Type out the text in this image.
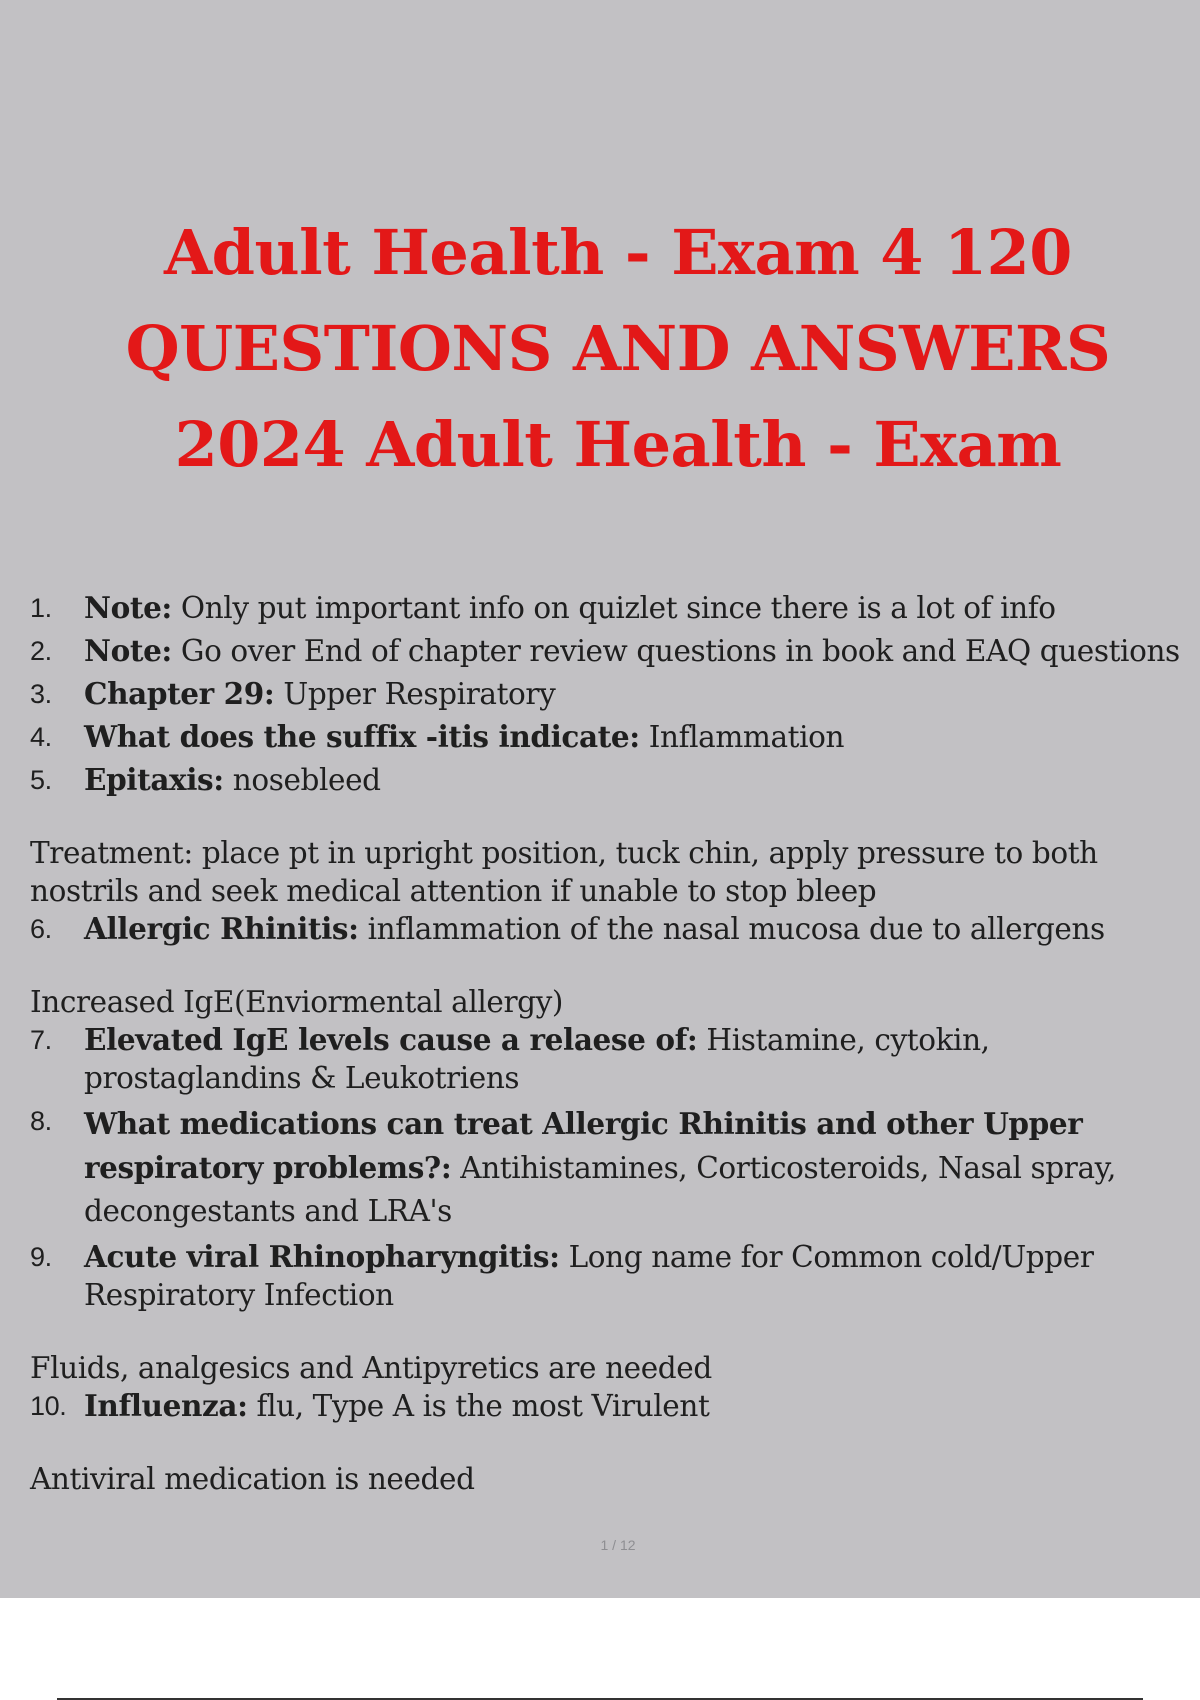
Adult Health - Exam 4 120
QUESTIONS AND ANSWERS
2024 Adult Health - Exam
1.	Note: Only put important info on quizlet since there is a lot of info
2.	Note: Go over End of chapter review questions in book and EAQ questions
3.	Chapter 29: Upper Respiratory
4.	What does the suffix -itis indicate: Inflammation
5.	Epitaxis: nosebleed
Treatment: place pt in upright position, tuck chin, apply pressure to both nostrils and seek medical attention if unable to stop bleep
6.	Allergic Rhinitis: inflammation of the nasal mucosa due to allergens
Increased IgE(Enviormental allergy)
7.	Elevated IgE levels cause a relaese of: Histamine, cytokin, prostaglandins & Leukotriens
8.	What medications can treat Allergic Rhinitis and other Upper respiratory problems?: Antihistamines, Corticosteroids, Nasal spray, decongestants and LRA's
9.	Acute viral Rhinopharyngitis: Long name for Common cold/Upper Respiratory Infection
Fluids, analgesics and Antipyretics are needed
10. Influenza: flu, Type A is the most Virulent
Antiviral medication is needed
1 / 12
